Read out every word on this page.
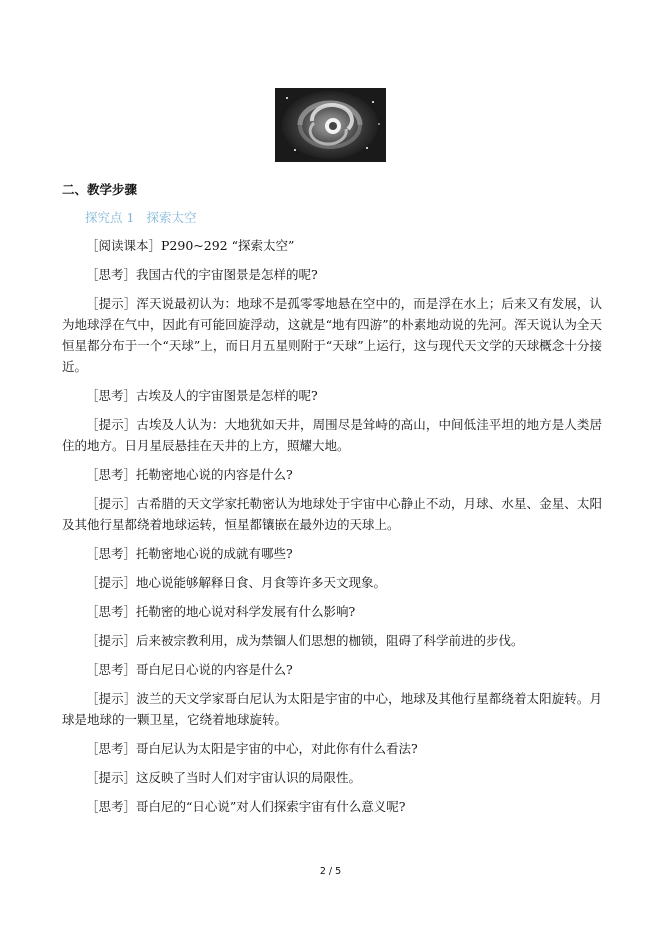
二、教学步骤
探究点 1 探索太空

［阅读课本］P290~292 “探索太空”

［思考］我国古代的宇宙图景是怎样的呢?

［提示］浑天说最初认为：地球不是孤零零地悬在空中的，而是浮在水上；后来又有发展，认为地球浮在气中，因此有可能回旋浮动，这就是“地有四游”的朴素地动说的先河。浑天说认为全天恒星都分布于一个“天球”上，而日月五星则附于“天球”上运行，这与现代天文学的天球概念十分接近。

［思考］古埃及人的宇宙图景是怎样的呢?

［提示］古埃及人认为：大地犹如天井，周围尽是耸峙的高山，中间低洼平坦的地方是人类居住的地方。日月星辰悬挂在天井的上方，照耀大地。

［思考］托勒密地心说的内容是什么?

［提示］古希腊的天文学家托勒密认为地球处于宇宙中心静止不动，月球、水星、金星、太阳及其他行星都绕着地球运转，恒星都镶嵌在最外边的天球上。

［思考］托勒密地心说的成就有哪些?

［提示］地心说能够解释日食、月食等许多天文现象。

［思考］托勒密的地心说对科学发展有什么影响?

［提示］后来被宗教利用，成为禁锢人们思想的枷锁，阻碍了科学前进的步伐。

［思考］哥白尼日心说的内容是什么?

［提示］波兰的天文学家哥白尼认为太阳是宇宙的中心，地球及其他行星都绕着太阳旋转。月球是地球的一颗卫星，它绕着地球旋转。

［思考］哥白尼认为太阳是宇宙的中心，对此你有什么看法?

［提示］这反映了当时人们对宇宙认识的局限性。

［思考］哥白尼的“日心说”对人们探索宇宙有什么意义呢?

2 / 5
